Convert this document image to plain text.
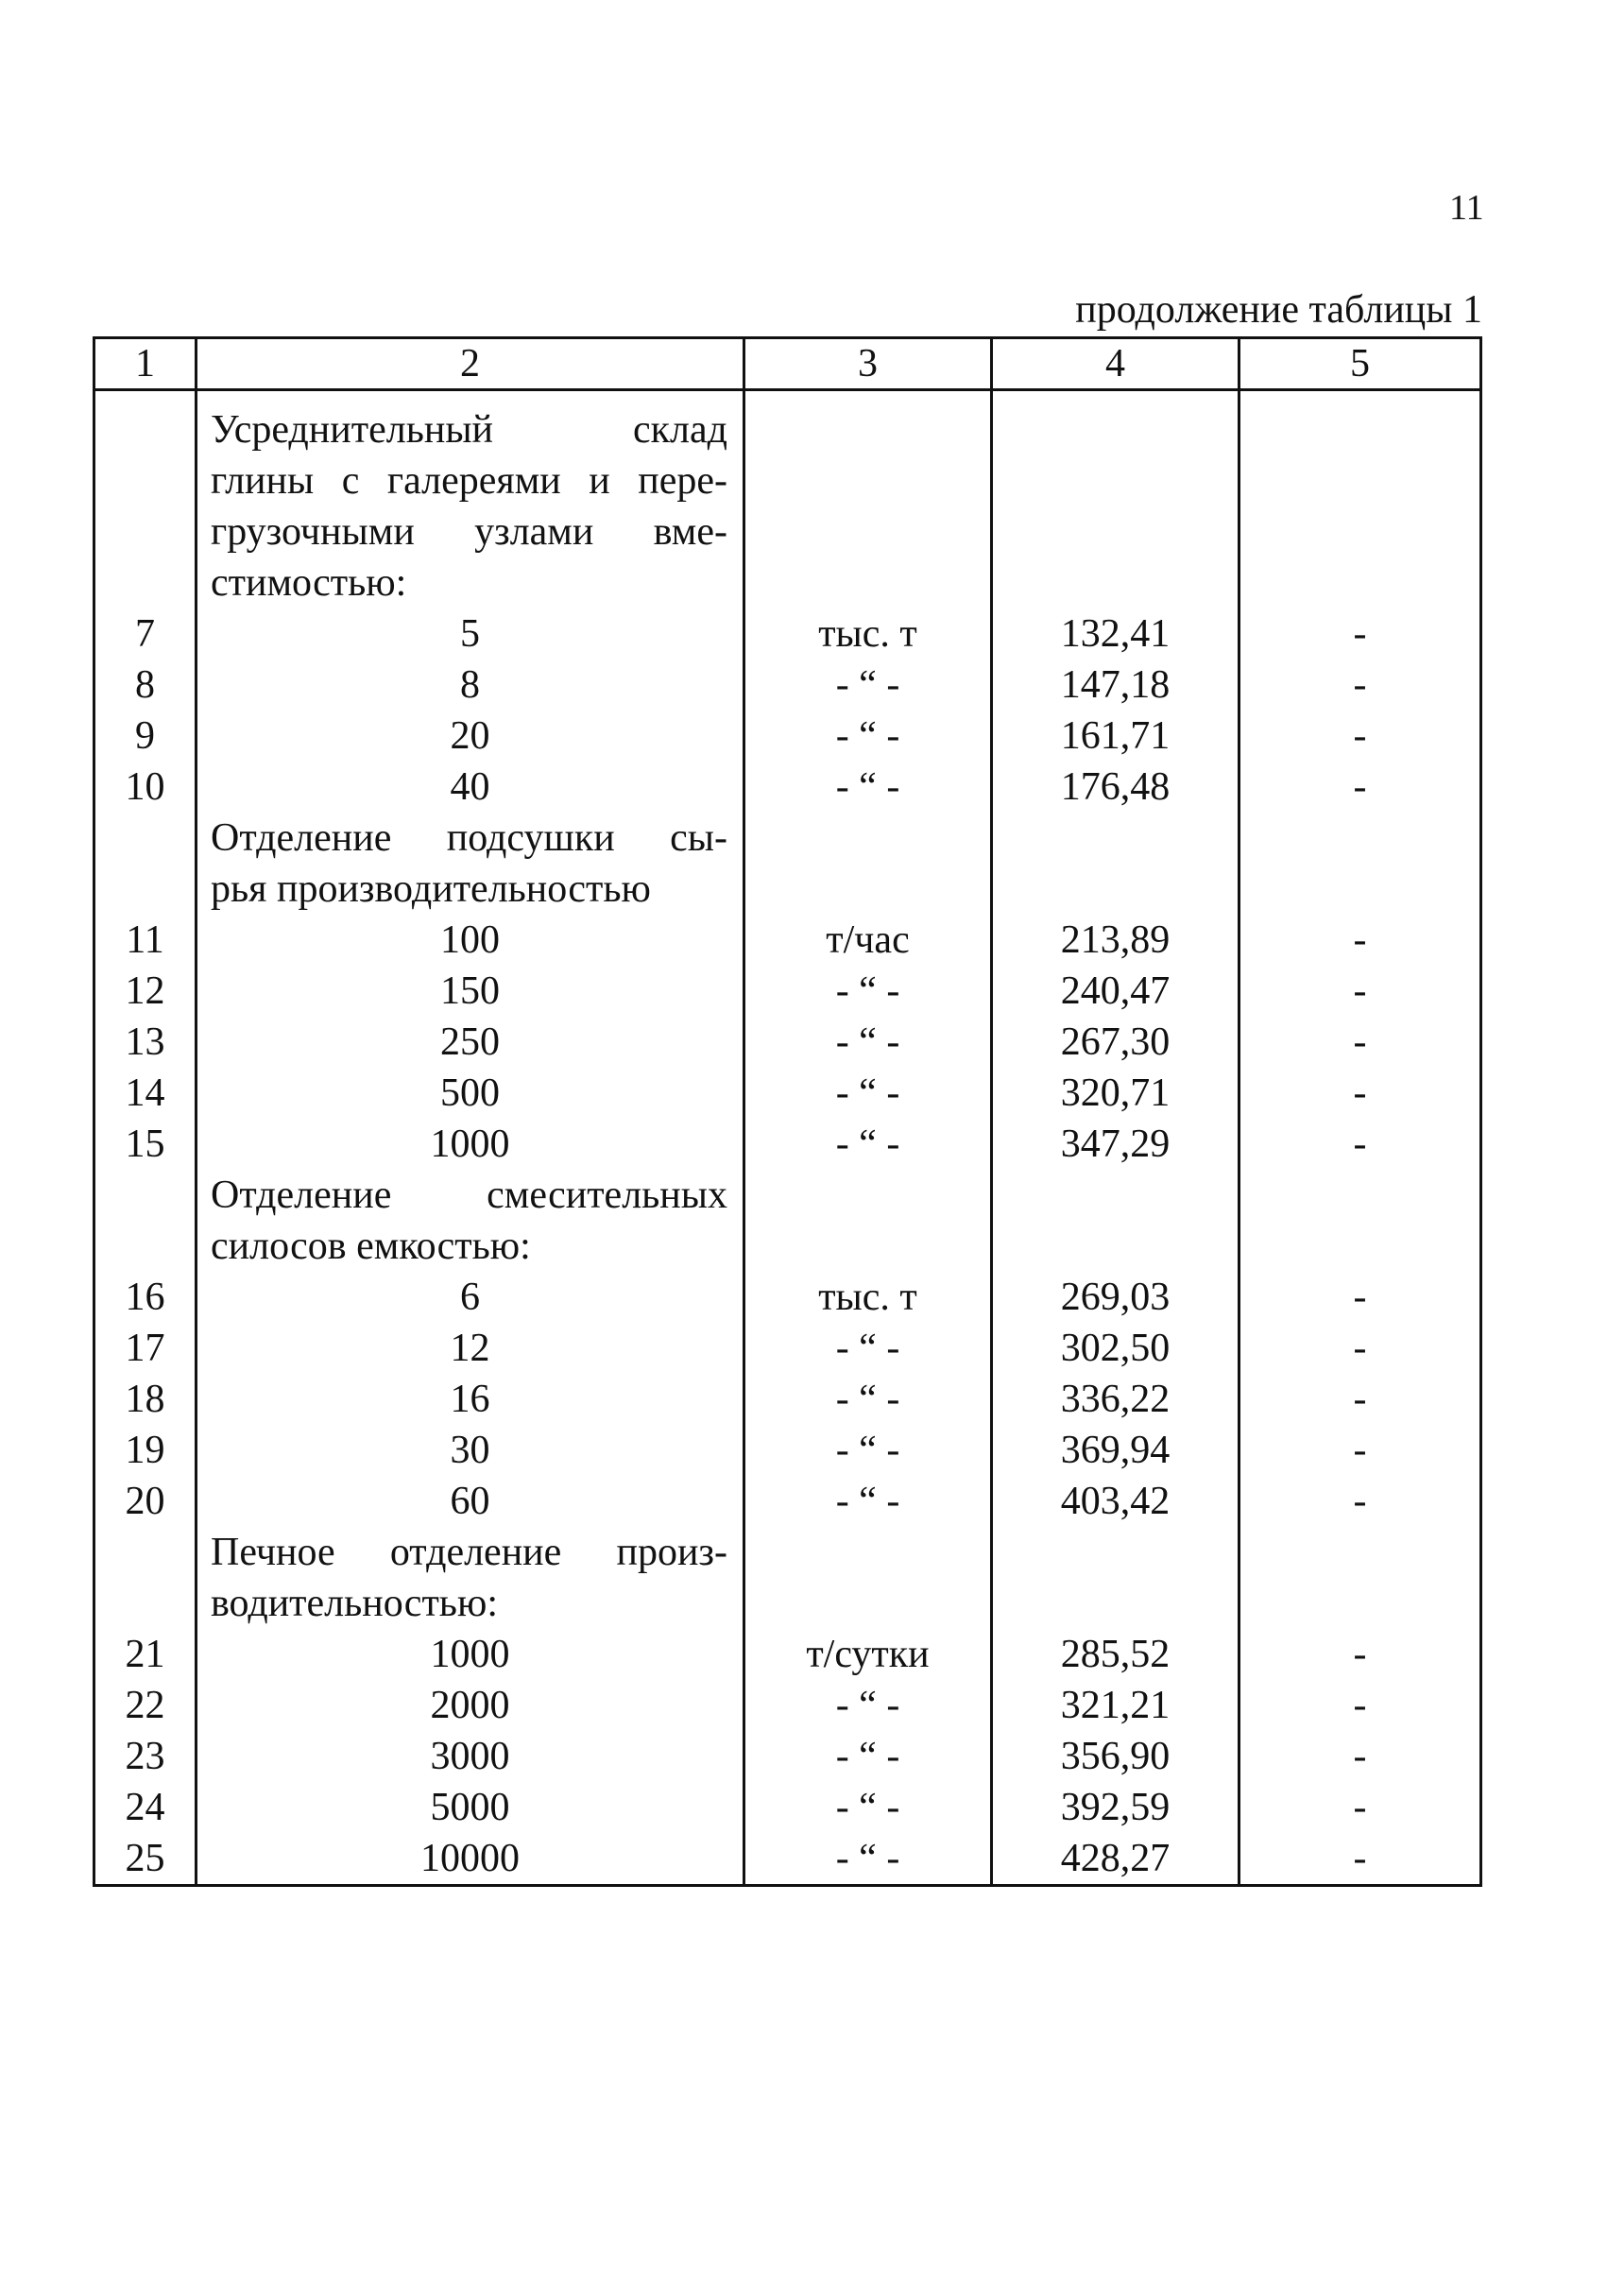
11
продолжение таблицы 1
1	2	3	4	5

	Усреднительный склад
глины с галереями и пере-
грузочными узлами вме-
стимостью:			

7	5	тыс. т	132,41	-
8	8	- “ -	147,18	-
9	20	- “ -	161,71	-
10	40	- “ -	176,48	-

	Отделение подсушки сы-
рья производительностью			

11	100	т/час	213,89	-
12	150	- “ -	240,47	-
13	250	- “ -	267,30	-
14	500	- “ -	320,71	-
15	1000	- “ -	347,29	-

	Отделение смесительных
силосов емкостью:			

16	6	тыс. т	269,03	-
17	12	- “ -	302,50	-
18	16	- “ -	336,22	-
19	30	- “ -	369,94	-
20	60	- “ -	403,42	-

	Печное отделение произ-
водительностью:			

21	1000	т/сутки	285,52	-
22	2000	- “ -	321,21	-
23	3000	- “ -	356,90	-
24	5000	- “ -	392,59	-
25	10000	- “ -	428,27	-
